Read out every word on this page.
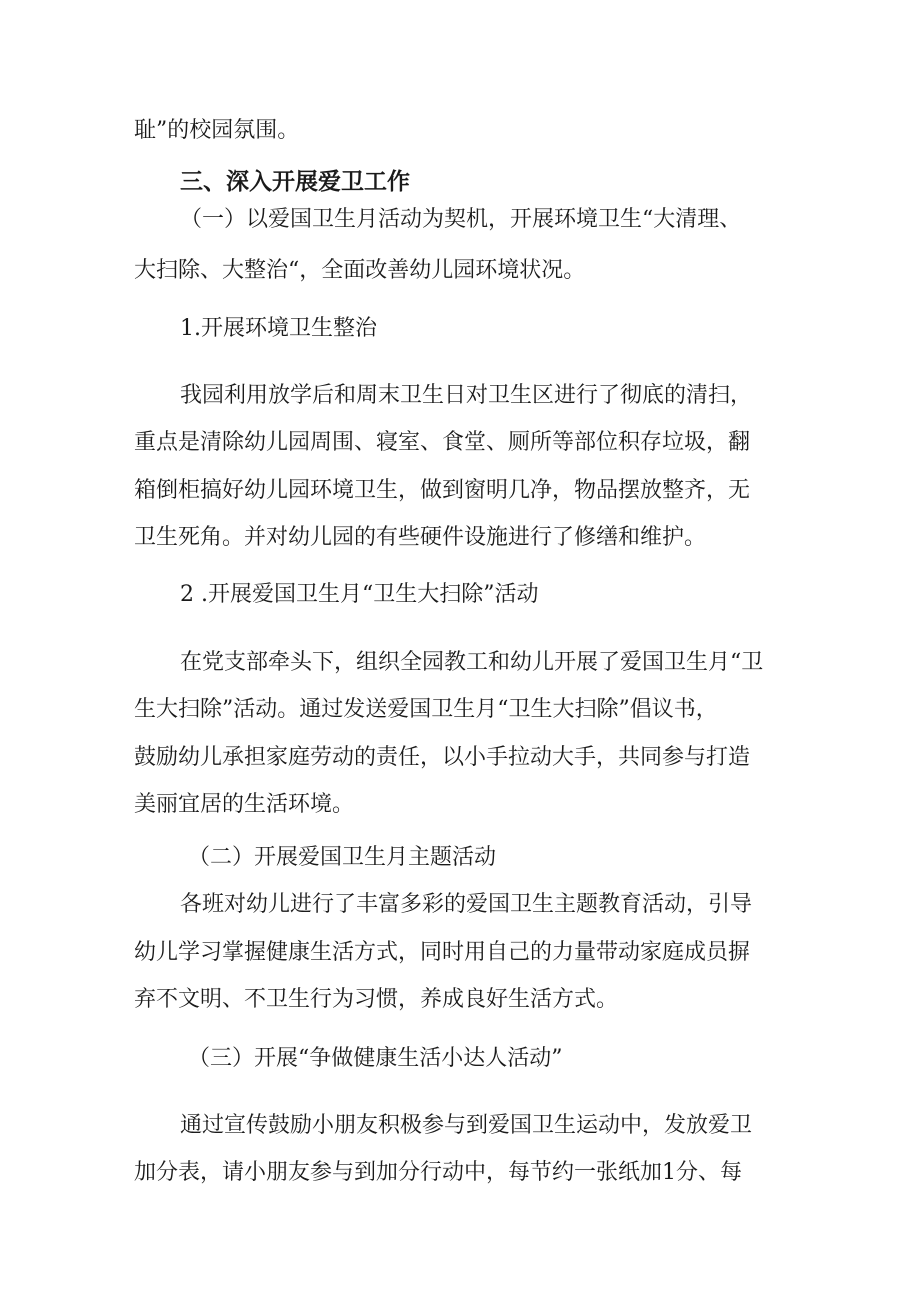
耻”的校园氛围。
三、深入开展爱卫工作
（一）以爱国卫生月活动为契机，开展环境卫生“大清理、
大扫除、大整治“，全面改善幼儿园环境状况。
1.开展环境卫生整治
我园利用放学后和周末卫生日对卫生区进行了彻底的清扫，
重点是清除幼儿园周围、寝室、食堂、厕所等部位积存垃圾，翻
箱倒柜搞好幼儿园环境卫生，做到窗明几净，物品摆放整齐，无
卫生死角。并对幼儿园的有些硬件设施进行了修缮和维护。
2 .开展爱国卫生月“卫生大扫除”活动
在党支部牵头下，组织全园教工和幼儿开展了爱国卫生月“卫
生大扫除”活动。通过发送爱国卫生月“卫生大扫除”倡议书，
鼓励幼儿承担家庭劳动的责任，以小手拉动大手，共同参与打造
美丽宜居的生活环境。
（二）开展爱国卫生月主题活动
各班对幼儿进行了丰富多彩的爱国卫生主题教育活动，引导
幼儿学习掌握健康生活方式，同时用自己的力量带动家庭成员摒
弃不文明、不卫生行为习惯，养成良好生活方式。
（三）开展“争做健康生活小达人活动”
通过宣传鼓励小朋友积极参与到爱国卫生运动中，发放爱卫
加分表，请小朋友参与到加分行动中，每节约一张纸加1分、每
